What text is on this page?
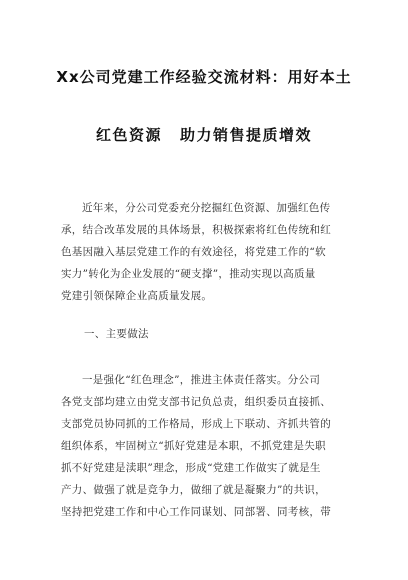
Xx公司党建工作经验交流材料：用好本土
红色资源 助力销售提质增效
近年来，分公司党委充分挖掘红色资源、加强红色传
承，结合改革发展的具体场景，积极探索将红色传统和红
色基因融入基层党建工作的有效途径，将党建工作的“软
实力”转化为企业发展的“硬支撑”，推动实现以高质量
党建引领保障企业高质量发展。
一、主要做法
一是强化“红色理念”，推进主体责任落实。分公司
各党支部均建立由党支部书记负总责，组织委员直接抓、
支部党员协同抓的工作格局，形成上下联动、齐抓共管的
组织体系，牢固树立“抓好党建是本职，不抓党建是失职
抓不好党建是渎职”理念，形成“党建工作做实了就是生
产力、做强了就是竞争力，做细了就是凝聚力”的共识，
坚持把党建工作和中心工作同谋划、同部署、同考核，带
